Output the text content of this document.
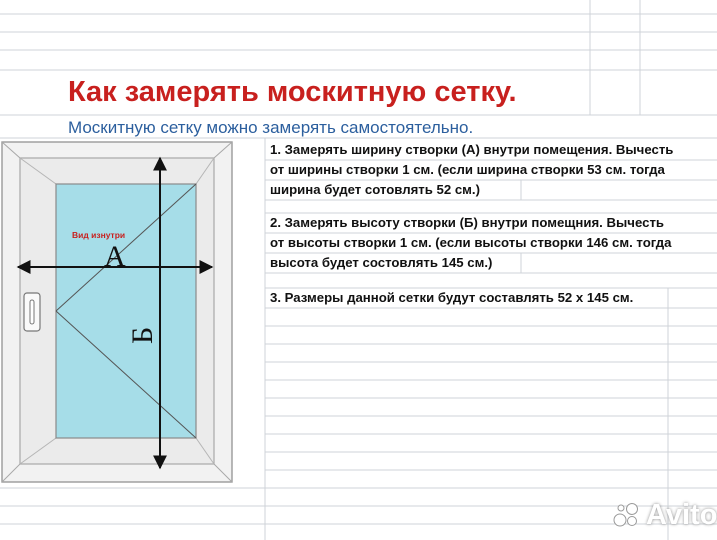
Как замерять москитную сетку.
Москитную сетку можно замерять самостоятельно.
1. Замерять ширину створки (А) внутри помещения. Вычесть
от ширины створки 1 см. (если ширина створки 53 см. тогда
ширина будет сотовлять 52 см.)
2. Замерять высоту створки (Б) внутри помещния. Вычесть
от высоты створки 1 см. (если высоты створки 146 см. тогда
высота будет состовлять 145 см.)
3. Размеры данной сетки будут составлять 52 x 145 см.
Вид изнутри
А
Б
Avito
